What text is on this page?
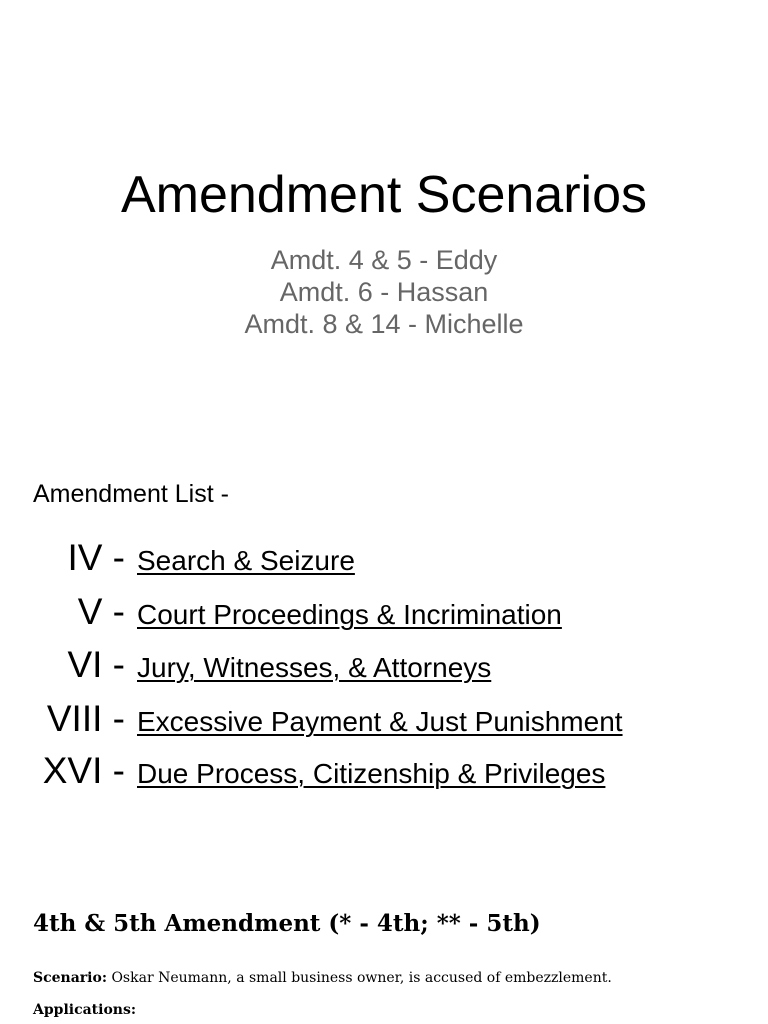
Amendment Scenarios
Amdt. 4 & 5 - Eddy
Amdt. 6 - Hassan
Amdt. 8 & 14 - Michelle
Amendment List -
IV - Search & Seizure
V - Court Proceedings & Incrimination
VI - Jury, Witnesses, & Attorneys
VIII - Excessive Payment & Just Punishment
XVI - Due Process, Citizenship & Privileges
4th & 5th Amendment (* - 4th; ** - 5th)
Scenario: Oskar Neumann, a small business owner, is accused of embezzlement.
Applications:
